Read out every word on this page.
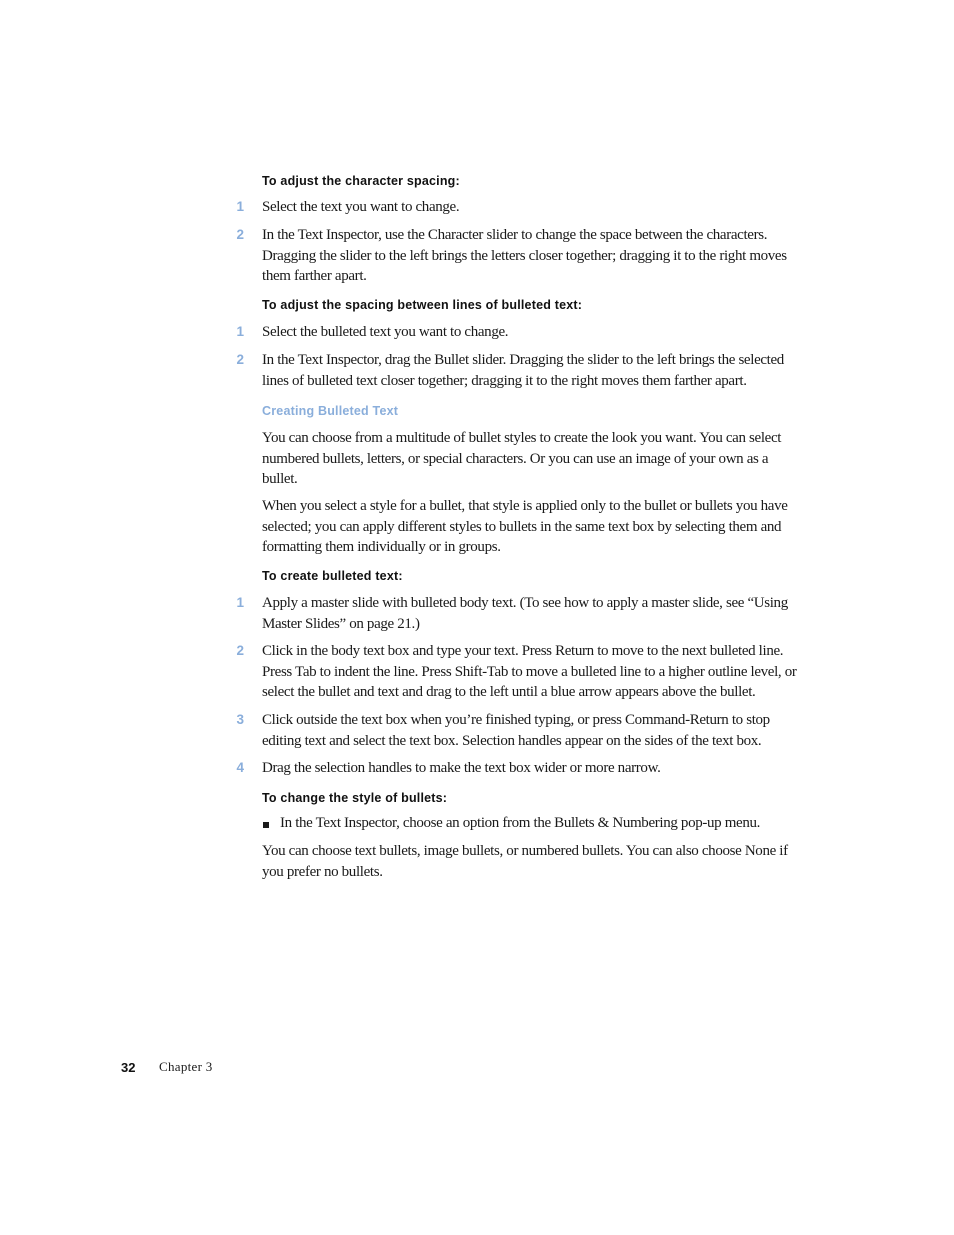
To adjust the character spacing:
1 Select the text you want to change.
2 In the Text Inspector, use the Character slider to change the space between the characters. Dragging the slider to the left brings the letters closer together; dragging it to the right moves them farther apart.
To adjust the spacing between lines of bulleted text:
1 Select the bulleted text you want to change.
2 In the Text Inspector, drag the Bullet slider. Dragging the slider to the left brings the selected lines of bulleted text closer together; dragging it to the right moves them farther apart.
Creating Bulleted Text
You can choose from a multitude of bullet styles to create the look you want. You can select numbered bullets, letters, or special characters. Or you can use an image of your own as a bullet.
When you select a style for a bullet, that style is applied only to the bullet or bullets you have selected; you can apply different styles to bullets in the same text box by selecting them and formatting them individually or in groups.
To create bulleted text:
1 Apply a master slide with bulleted body text. (To see how to apply a master slide, see “Using Master Slides” on page 21.)
2 Click in the body text box and type your text. Press Return to move to the next bulleted line. Press Tab to indent the line. Press Shift-Tab to move a bulleted line to a higher outline level, or select the bullet and text and drag to the left until a blue arrow appears above the bullet.
3 Click outside the text box when you’re finished typing, or press Command-Return to stop editing text and select the text box. Selection handles appear on the sides of the text box.
4 Drag the selection handles to make the text box wider or more narrow.
To change the style of bullets:
In the Text Inspector, choose an option from the Bullets & Numbering pop-up menu.
You can choose text bullets, image bullets, or numbered bullets. You can also choose None if you prefer no bullets.
32 Chapter 3
